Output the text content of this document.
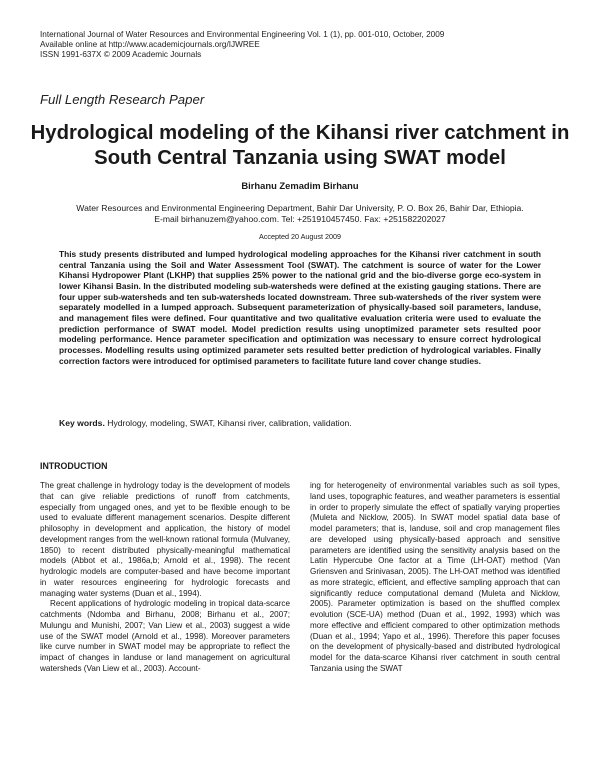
International Journal of Water Resources and Environmental Engineering Vol. 1 (1), pp. 001-010, October, 2009
Available online at http://www.academicjournals.org/IJWREE
ISSN 1991-637X © 2009 Academic Journals
Full Length Research Paper
Hydrological modeling of the Kihansi river catchment in
South Central Tanzania using SWAT model
Birhanu Zemadim Birhanu
Water Resources and Environmental Engineering Department, Bahir Dar University, P. O. Box 26, Bahir Dar, Ethiopia.
E-mail birhanuzem@yahoo.com. Tel: +251910457450. Fax: +251582202027
Accepted 20 August 2009
This study presents distributed and lumped hydrological modeling approaches for the Kihansi river catchment in south central Tanzania using the Soil and Water Assessment Tool (SWAT). The catchment is source of water for the Lower Kihansi Hydropower Plant (LKHP) that supplies 25% power to the national grid and the bio-diverse gorge eco-system in lower Kihansi Basin. In the distributed modeling sub-watersheds were defined at the existing gauging stations. There are four upper sub-watersheds and ten sub-watersheds located downstream. Three sub-watersheds of the river system were separately modelled in a lumped approach. Subsequent parameterization of physically-based soil parameters, landuse, and management files were defined. Four quantitative and two qualitative evaluation criteria were used to evaluate the prediction performance of SWAT model. Model prediction results using unoptimized parameter sets resulted poor modeling performance. Hence parameter specification and optimization was necessary to ensure correct hydrological processes. Modelling results using optimized parameter sets resulted better prediction of hydrological variables. Finally correction factors were introduced for optimised parameters to facilitate future land cover change studies.
Key words. Hydrology, modeling, SWAT, Kihansi river, calibration, validation.
INTRODUCTION

The great challenge in hydrology today is the development of models that can give reliable predictions of runoff from catchments, especially from ungaged ones, and yet to be flexible enough to be used to evaluate different management scenarios. Despite different philosophy in development and application, the history of model development ranges from the well-known rational formula (Mulvaney, 1850) to recent distributed physically-meaningful mathematical models (Abbot et al., 1986a,b; Arnold et al., 1998). The recent hydrologic models are computer-based and have become important in water resources engineering for hydrologic forecasts and managing water systems (Duan et al., 1994).

Recent applications of hydrologic modeling in tropical data-scarce catchments (Ndomba and Birhanu, 2008; Birhanu et al., 2007; Mulungu and Munishi, 2007; Van Liew et al., 2003) suggest a wide use of the SWAT model (Arnold et al., 1998). Moreover parameters like curve number in SWAT model may be appropriate to reflect the impact of changes in landuse or land management on agricultural watersheds (Van Liew et al., 2003). Account-

ing for heterogeneity of environmental variables such as soil types, land uses, topographic features, and weather parameters is essential in order to properly simulate the effect of spatially varying properties (Muleta and Nicklow, 2005). In SWAT model spatial data base of model parameters; that is, landuse, soil and crop management files are developed using physically-based approach and sensitive parameters are identified using the sensitivity analysis based on the Latin Hypercube One factor at a Time (LH-OAT) method (Van Griensven and Srinivasan, 2005). The LH-OAT method was identified as more strategic, efficient, and effective sampling approach that can significantly reduce computational demand (Muleta and Nicklow, 2005). Parameter optimization is based on the shuffled complex evolution (SCE-UA) method (Duan et al., 1992, 1993) which was more effective and efficient compared to other optimization methods (Duan et al., 1994; Yapo et al., 1996). Therefore this paper focuses on the development of physically-based and distributed hydrological model for the data-scarce Kihansi river catchment in south central Tanzania using the SWAT
